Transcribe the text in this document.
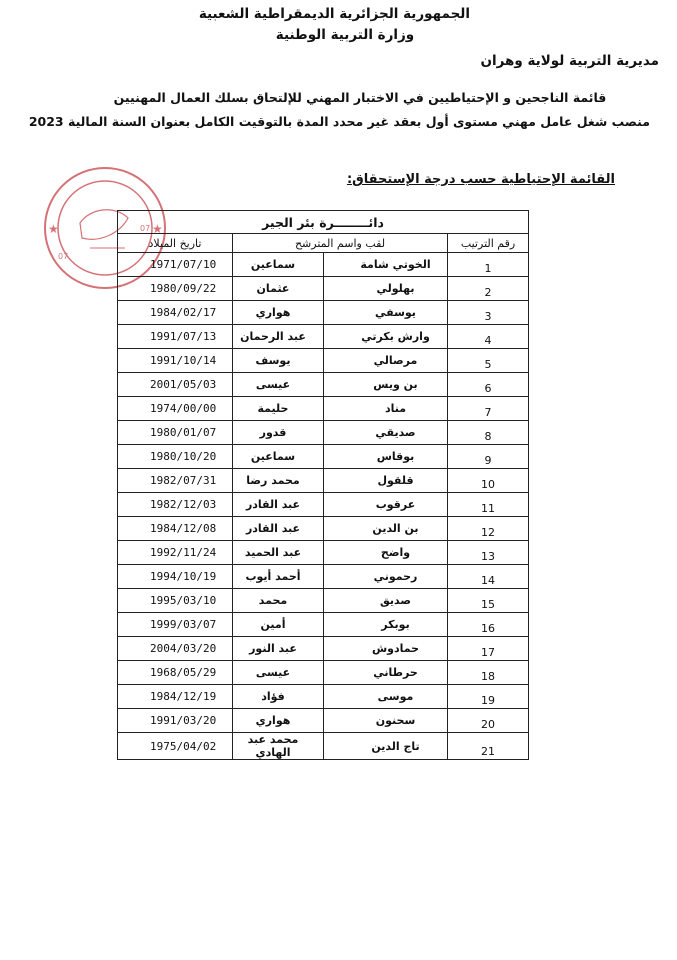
الجمهورية الجزائرية الديمقراطية الشعبية
وزارة التربية الوطنية
مديرية التربية لولاية وهران
قائمة الناجحين و الإحتياطيين في الاختبار المهني للإلتحاق بسلك العمال المهنيين
منصب شغل عامل مهني مستوى أول بعقد غير محدد المدة بالتوقيت الكامل بعنوان السنة المالية 2023
القائمة الإحتياطية حسب درجة الإستحقاق:
★
★	07
07
دائــــــــرة بئر الجير			
رقم الترتيب	لقب واسم المترشح		تاريخ الميلاد
1	الخوتي شامة	سماعين	1971/07/10
2	بهلولي	عثمان	1980/09/22
3	يوسفي	هواري	1984/02/17
4	وارش بكرتي	عبد الرحمان	1991/07/13
5	مرصالي	يوسف	1991/10/14
6	بن ويس	عيسى	2001/05/03
7	مناد	حليمة	1974/00/00
8	صديقي	قدور	1980/01/07
9	بوقاس	سماعين	1980/10/20
10	قلقول	محمد رضا	1982/07/31
11	عرقوب	عبد القادر	1982/12/03
12	بن الدين	عبد القادر	1984/12/08
13	واضح	عبد الحميد	1992/11/24
14	رحموني	أحمد أيوب	1994/10/19
15	صديق	محمد	1995/03/10
16	بوبكر	أمين	1999/03/07
17	حمادوش	عبد النور	2004/03/20
18	حرطاني	عيسى	1968/05/29
19	موسى	فؤاد	1984/12/19
20	سحنون	هواري	1991/03/20
21	تاج الدين	محمد عبد الهادي	1975/04/02
